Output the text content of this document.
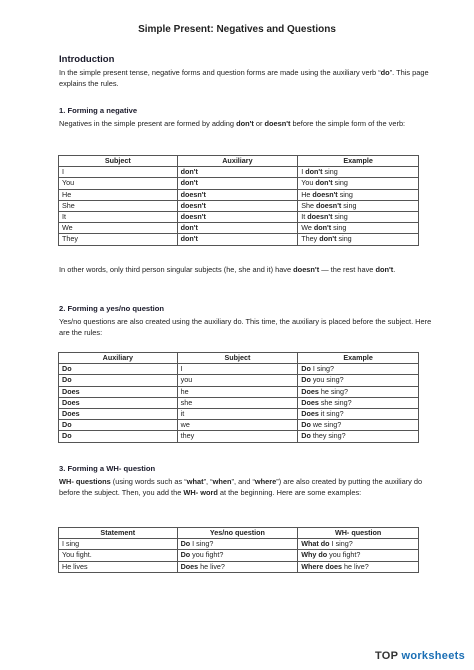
Simple Present: Negatives and Questions
Introduction
In the simple present tense, negative forms and question forms are made using the auxiliary verb “do”. This page explains the rules.
1. Forming a negative
Negatives in the simple present are formed by adding don't or doesn't before the simple form of the verb:
Subject	Auxiliary	Example
I	don't	I don't sing
You	don't	You don't sing
He	doesn't	He doesn't sing
She	doesn't	She doesn't sing
It	doesn't	It doesn't sing
We	don't	We don't sing
They	don't	They don't sing
In other words, only third person singular subjects (he, she and it) have doesn't — the rest have don't.
2. Forming a yes/no question
Yes/no questions are also created using the auxiliary do. This time, the auxiliary is placed before the subject. Here are the rules:
Auxiliary	Subject	Example
Do	I	Do I sing?
Do	you	Do you sing?
Does	he	Does he sing?
Does	she	Does she sing?
Does	it	Does it sing?
Do	we	Do we sing?
Do	they	Do they sing?
3. Forming a WH- question
WH- questions (using words such as “what”, “when”, and “where”) are also created by putting the auxiliary do before the subject. Then, you add the WH- word at the beginning. Here are some examples:
Statement	Yes/no question	WH- question
I sing	Do I sing?	What do I sing?
You fight.	Do you fight?	Why do you fight?
He lives	Does he live?	Where does he live?
TOP worksheets
